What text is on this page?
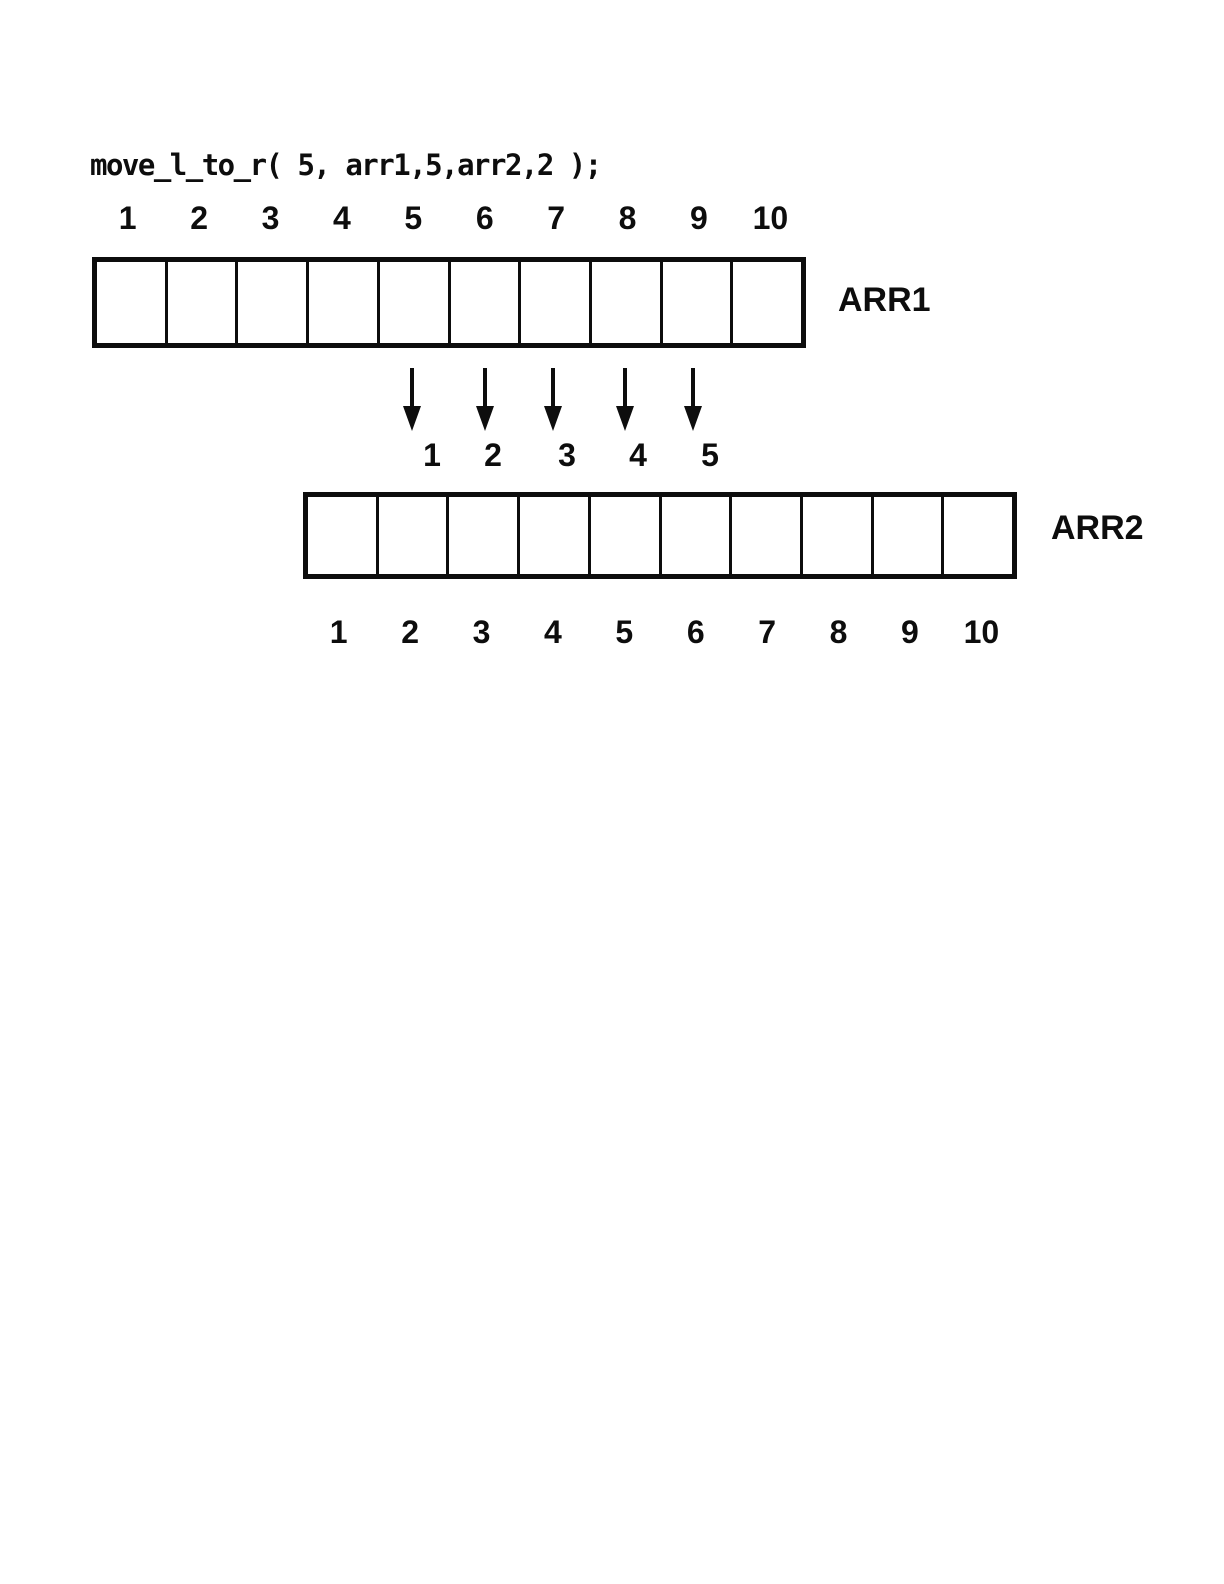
move_l_to_r( 5, arr1,5,arr2,2 );
1	2	3	4	5	6	7	8	9	10
ARR1
1	2	3	4	5
ARR2
1	2	3	4	5	6	7	8	9	10
